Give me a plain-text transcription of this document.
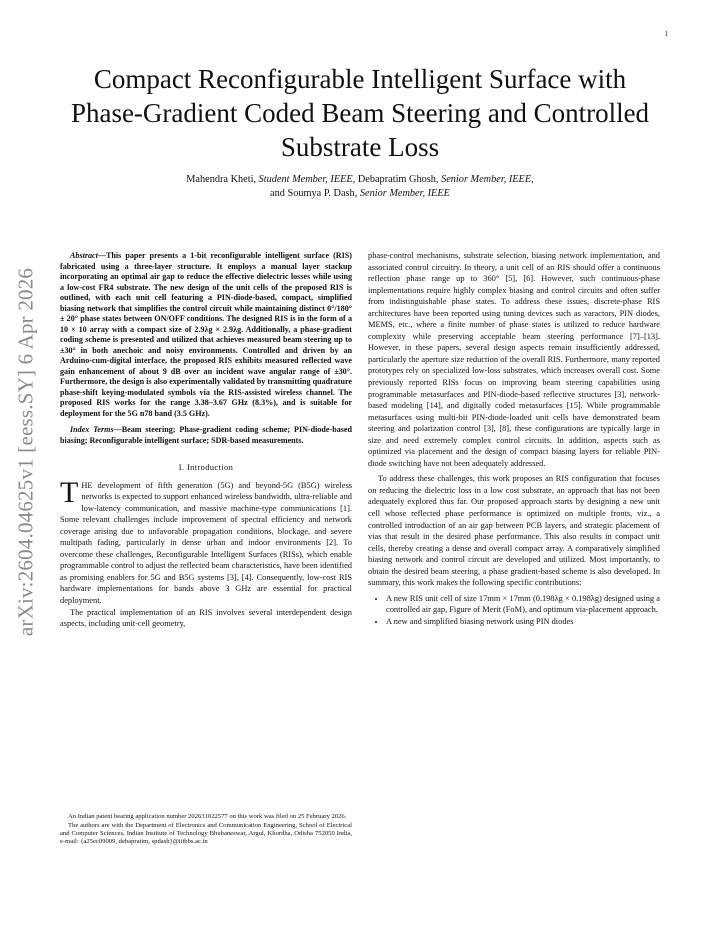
1
arXiv:2604.04625v1 [eess.SY] 6 Apr 2026
Compact Reconfigurable Intelligent Surface with Phase-Gradient Coded Beam Steering and Controlled Substrate Loss
Mahendra Kheti, Student Member, IEEE, Debapratim Ghosh, Senior Member, IEEE,
and Soumya P. Dash, Senior Member, IEEE

Abstract—This paper presents a 1-bit reconfigurable intelligent surface (RIS) fabricated using a three-layer structure. It employs a manual layer stackup incorporating an optimal air gap to reduce the effective dielectric losses while using a low-cost FR4 substrate. The new design of the unit cells of the proposed RIS is outlined, with each unit cell featuring a PIN-diode-based, compact, simplified biasing network that simplifies the control circuit while maintaining distinct 0°/180° ± 20° phase states between ON/OFF conditions. The designed RIS is in the form of a 10 × 10 array with a compact size of 2.9λg × 2.9λg. Additionally, a phase-gradient coding scheme is presented and utilized that achieves measured beam steering up to ±30° in both anechoic and noisy environments. Controlled and driven by an Arduino-cum-digital interface, the proposed RIS exhibits measured reflected wave gain enhancement of about 9 dB over an incident wave angular range of ±30°. Furthermore, the design is also experimentally validated by transmitting quadrature phase-shift keying-modulated symbols via the RIS-assisted wireless channel. The proposed RIS works for the range 3.38–3.67 GHz (8.3%), and is suitable for deployment for the 5G n78 band (3.5 GHz).

Index Terms—Beam steering; Phase-gradient coding scheme; PIN-diode-based biasing; Reconfigurable intelligent surface; SDR-based measurements.

I. Introduction

THE development of fifth generation (5G) and beyond-5G (B5G) wireless networks is expected to support enhanced wireless bandwidth, ultra-reliable and low-latency communication, and massive machine-type communications [1]. Some relevant challenges include improvement of spectral efficiency and network coverage arising due to unfavorable propagation conditions, blockage, and severe multipath fading, particularly in dense urban and indoor environments [2]. To overcome these challenges, Reconfigurable Intelligent Surfaces (RISs), which enable programmable control to adjust the reflected beam characteristics, have been identified as promising enablers for 5G and B5G systems [3], [4]. Consequently, low-cost RIS hardware implementations for bands above 3 GHz are essential for practical deployment.

The practical implementation of an RIS involves several interdependent design aspects, including unit-cell geometry,

An Indian patent bearing application number 202631022577 on this work was filed on 25 February 2026.

The authors are with the Department of Electronics and Communication Engineering, School of Electrical and Computer Sciences, Indian Institute of Technology Bhubaneswar, Argul, Khordha, Odisha 752050 India, e-mail: {a25ec09009, debapratim, spdash}@iitbbs.ac.in

phase-control mechanisms, substrate selection, biasing network implementation, and associated control circuitry. In theory, a unit cell of an RIS should offer a continuous reflection phase range up to 360° [5], [6]. However, such continuous-phase implementations require highly complex biasing and control circuits and often suffer from indistinguishable phase states. To address these issues, discrete-phase RIS architectures have been reported using tuning devices such as varactors, PIN diodes, MEMS, etc., where a finite number of phase states is utilized to reduce hardware complexity while preserving acceptable beam steering performance [7]–[13]. However, in these papers, several design aspects remain insufficiently addressed, particularly the aperture size reduction of the overall RIS. Furthermore, many reported prototypes rely on specialized low-loss substrates, which increases overall cost. Some previously reported RISs focus on improving beam steering capabilities using programmable metasurfaces and PIN-diode-based reflective structures [3], network-based modeling [14], and digitally coded metasurfaces [15]. While programmable metasurfaces using multi-bit PIN-diode-loaded unit cells have demonstrated beam steering and polarization control [3], [8], these configurations are typically large in size and need extremely complex control circuits. In addition, aspects such as optimized via placement and the design of compact biasing layers for reliable PIN-diode switching have not been adequately addressed.

To address these challenges, this work proposes an RIS configuration that focuses on reducing the dielectric loss in a low cost substrate, an approach that has not been adequately explored thus far. Our proposed approach starts by designing a new unit cell whose reflected phase performance is optimized on multiple fronts, viz., a controlled introduction of an air gap between PCB layers, and strategic placement of vias that result in the desired phase performance. This also results in compact unit cells, thereby creating a dense and overall compact array. A comparatively simplified biasing network and control circuit are developed and utilized. Most importantly, to obtain the desired beam steering, a phase gradient-based scheme is also developed. In summary, this work makes the following specific contributions:

• A new RIS unit cell of size 17mm × 17mm (0.198λg × 0.198λg) designed using a controlled air gap, Figure of Merit (FoM), and optimum via-placement approach.
• A new and simplified biasing network using PIN diodes
